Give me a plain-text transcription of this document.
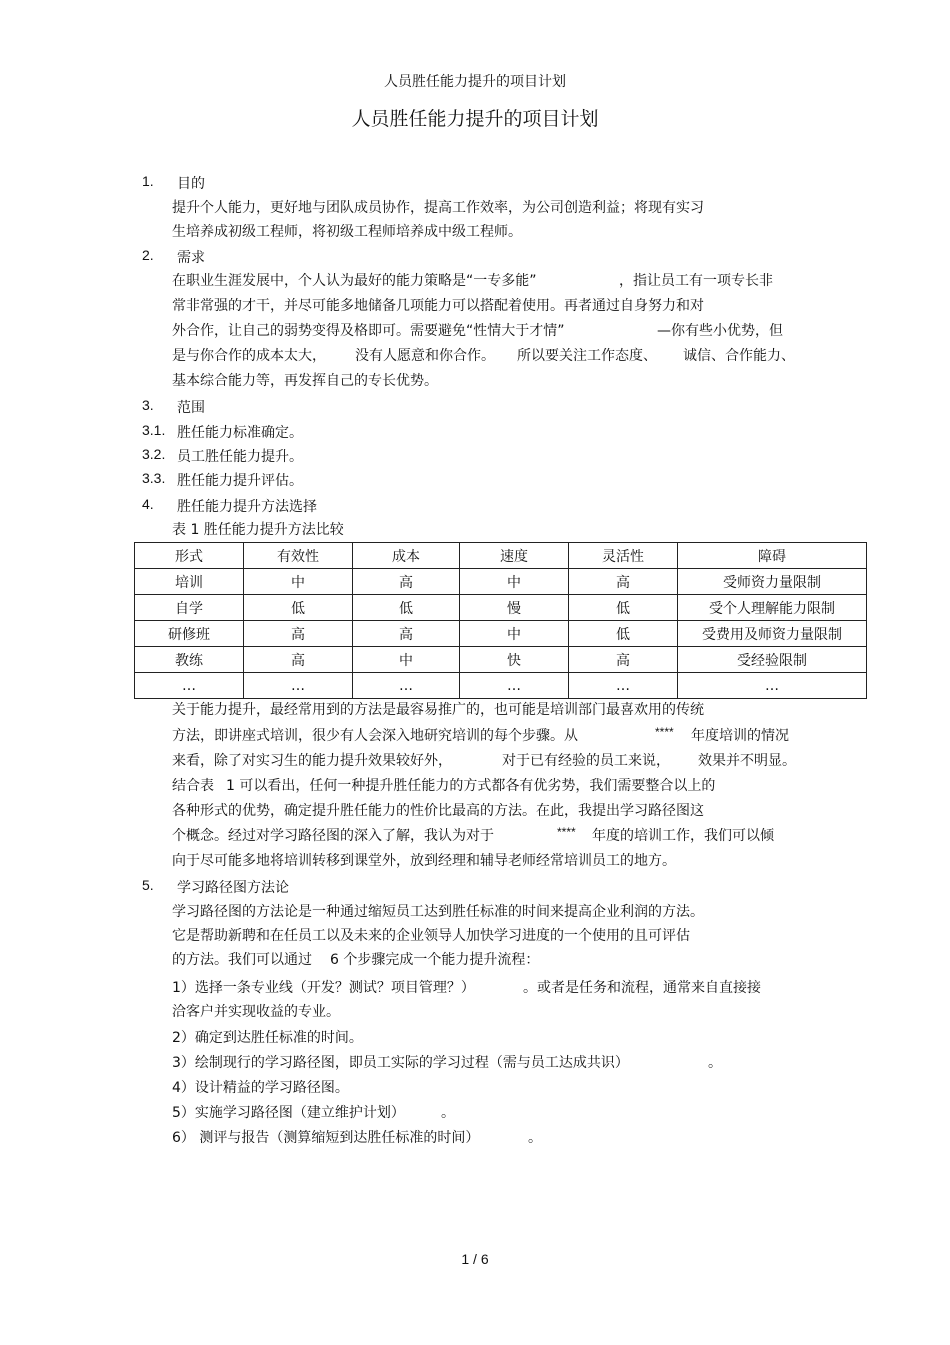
人员胜任能力提升的项目计划
人员胜任能力提升的项目计划
1. 目的
提升个人能力，更好地与团队成员协作，提高工作效率，为公司创造利益；将现有实习
生培养成初级工程师，将初级工程师培养成中级工程师。
2. 需求
在职业生涯发展中，个人认为最好的能力策略是“一专多能”	，指让员工有一项专长非
常非常强的才干，并尽可能多地储备几项能力可以搭配着使用。再者通过自身努力和对
外合作，让自己的弱势变得及格即可。需要避免“性情大于才情”	—你有些小优势，但
是与你合作的成本太大， 没有人愿意和你合作。 所以要关注工作态度、 诚信、合作能力、
基本综合能力等，再发挥自己的专长优势。
3. 范围
3.1. 胜任能力标准确定。
3.2. 员工胜任能力提升。
3.3. 胜任能力提升评估。
4. 胜任能力提升方法选择
表 1 胜任能力提升方法比较
形式	有效性	成本	速度	灵活性	障碍
培训	中	高	中	高	受师资力量限制
自学	低	低	慢	低	受个人理解能力限制
研修班	高	高	中	低	受费用及师资力量限制
教练	高	中	快	高	受经验限制
…	…	…	…	…	…
关于能力提升，最经常用到的方法是最容易推广的，也可能是培训部门最喜欢用的传统
方法，即讲座式培训，很少有人会深入地研究培训的每个步骤。从	**** 年度培训的情况
来看，除了对实习生的能力提升效果较好外，	对于已有经验的员工来说， 效果并不明显。
结合表 1 可以看出，任何一种提升胜任能力的方式都各有优劣势，我们需要整合以上的
各种形式的优势，确定提升胜任能力的性价比最高的方法。在此，我提出学习路径图这
个概念。经过对学习路径图的深入了解，我认为对于	**** 年度的培训工作，我们可以倾
向于尽可能多地将培训转移到课堂外，放到经理和辅导老师经常培训员工的地方。
5. 学习路径图方法论
学习路径图的方法论是一种通过缩短员工达到胜任标准的时间来提高企业利润的方法。
它是帮助新聘和在任员工以及未来的企业领导人加快学习进度的一个使用的且可评估
的方法。我们可以通过 6 个步骤完成一个能力提升流程：
1）选择一条专业线（开发？测试？项目管理？）	。或者是任务和流程，通常来自直接接
洽客户并实现收益的专业。
2）确定到达胜任标准的时间。
3）绘制现行的学习路径图，即员工实际的学习过程（需与员工达成共识）	。
4）设计精益的学习路径图。
5）实施学习路径图（建立维护计划）	。
6） 测评与报告（测算缩短到达胜任标准的时间）	。
1 / 6
